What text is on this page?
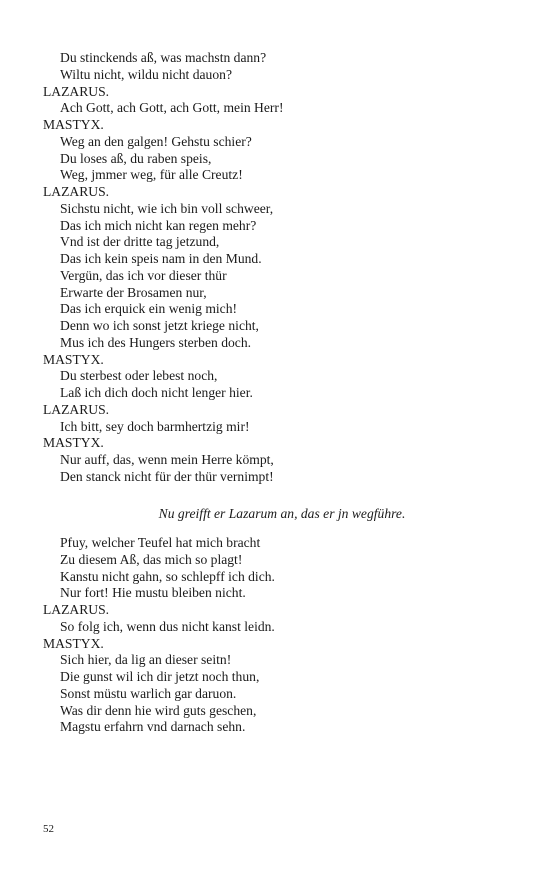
Du stinckends aß, was machstn dann?
Wiltu nicht, wildu nicht dauon?
LAZARUS.
Ach Gott, ach Gott, ach Gott, mein Herr!
MASTYX.
Weg an den galgen! Gehstu schier?
Du loses aß, du raben speis,
Weg, jmmer weg, für alle Creutz!
LAZARUS.
Sichstu nicht, wie ich bin voll schweer,
Das ich mich nicht kan regen mehr?
Vnd ist der dritte tag jetzund,
Das ich kein speis nam in den Mund.
Vergün, das ich vor dieser thür
Erwarte der Brosamen nur,
Das ich erquick ein wenig mich!
Denn wo ich sonst jetzt kriege nicht,
Mus ich des Hungers sterben doch.
MASTYX.
Du sterbest oder lebest noch,
Laß ich dich doch nicht lenger hier.
LAZARUS.
Ich bitt, sey doch barmhertzig mir!
MASTYX.
Nur auff, das, wenn mein Herre kömpt,
Den stanck nicht für der thür vernimpt!
Nu greifft er Lazarum an, das er jn wegführe.
Pfuy, welcher Teufel hat mich bracht
Zu diesem Aß, das mich so plagt!
Kanstu nicht gahn, so schlepff ich dich.
Nur fort! Hie mustu bleiben nicht.
LAZARUS.
So folg ich, wenn dus nicht kanst leidn.
MASTYX.
Sich hier, da lig an dieser seitn!
Die gunst wil ich dir jetzt noch thun,
Sonst müstu warlich gar daruon.
Was dir denn hie wird guts geschen,
Magstu erfahrn vnd darnach sehn.
52
